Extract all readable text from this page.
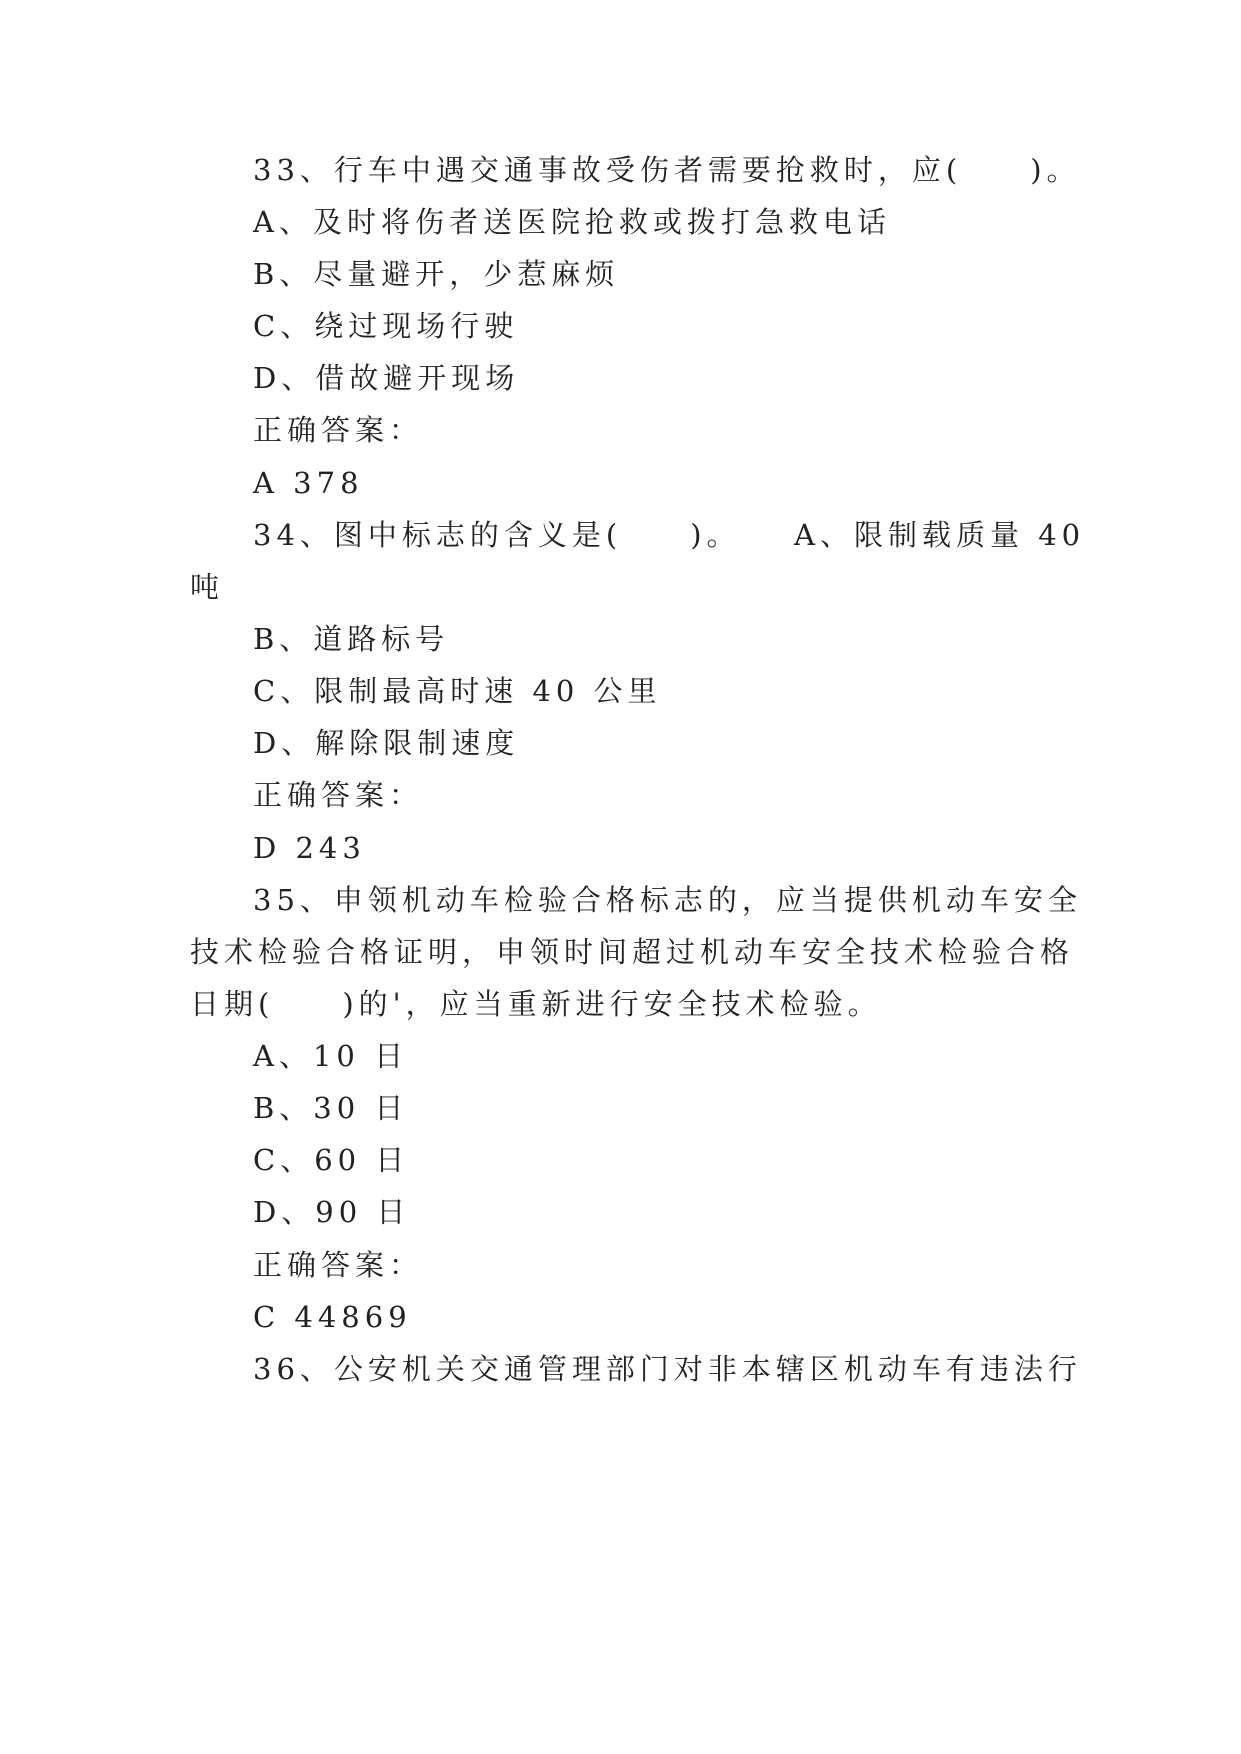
33、行车中遇交通事故受伤者需要抢救时，应(　　)。
A、及时将伤者送医院抢救或拨打急救电话
B、尽量避开，少惹麻烦
C、绕过现场行驶
D、借故避开现场
正确答案：
A 378
34、图中标志的含义是(　　)。　　A、限制载质量 40
吨
B、道路标号
C、限制最高时速 40 公里
D、解除限制速度
正确答案：
D 243
35、申领机动车检验合格标志的，应当提供机动车安全
技术检验合格证明，申领时间超过机动车安全技术检验合格
日期(　　)的'，应当重新进行安全技术检验。
A、10 日
B、30 日
C、60 日
D、90 日
正确答案：
C 44869
36、公安机关交通管理部门对非本辖区机动车有违法行
